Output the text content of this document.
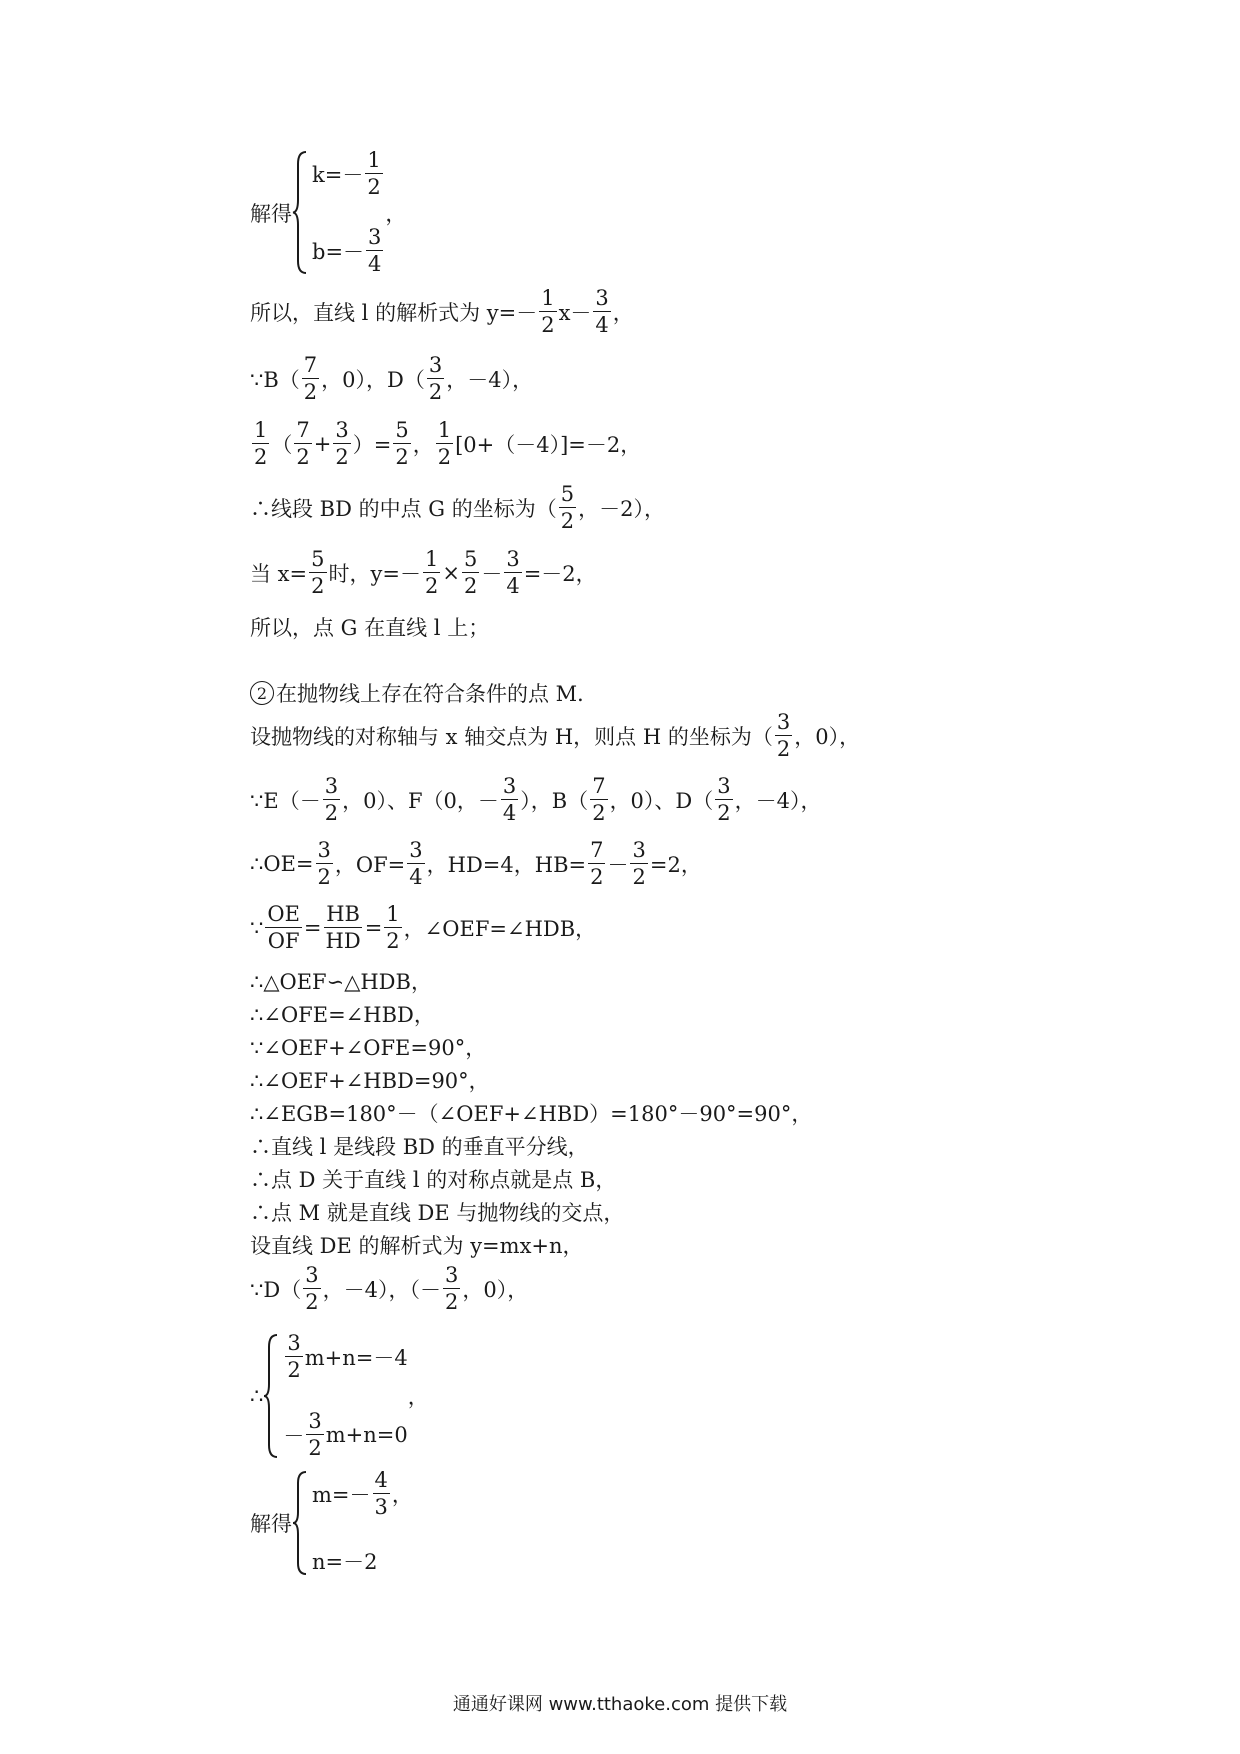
解得
$k=- \frac{1}{2}$
$b=- \frac{3}{4}$
，
所以，直线 l 的解析式为 $y=- \frac{1}{2} x- \frac{3}{4}$ ，
∵B（ $\frac{7}{2}$ ，0），$D( \frac{3}{2}$ ，－4），
$\frac{1}{2}$ （ $\frac{7}{2} + \frac{3}{2}$ ）= $\frac{5}{2}$ ， $\frac{1}{2} [0+(-4)]=-2$，
∴线段 BD 的中点 G 的坐标为（ $\frac{5}{2}$ ，－2），
当 $x= \frac{5}{2}$ 时，$y=- \frac{1}{2} \times \frac{5}{2} - \frac{3}{4} =-2$，
所以，点 G 在直线 l 上；
2 在抛物线上存在符合条件的点 M．
设抛物线的对称轴与 x 轴交点为 H，则点 H 的坐标为（ $\frac{3}{2}$ ，0），
∵E（－ $\frac{3}{2}$ ，0）、F（0，－ $\frac{3}{4}$ ），$B( \frac{7}{2}$ ，0）、$D( \frac{3}{2}$ ，－4），
∴OE= $\frac{3}{2}$ ，$OF= \frac{3}{4}$ ，HD=4，$HB= \frac{7}{2} - \frac{3}{2} =2$，
∵ $\frac{OE}{OF} = \frac{HB}{HD} = \frac{1}{2}$ ，∠OEF=∠HDB，
∴△OEF∽△HDB，
∴∠OFE=∠HBD，
∵∠OEF+∠OFE=90°，
∴∠OEF+∠HBD=90°，
∴∠EGB=180°－（∠OEF+∠HBD）=180°－90°=90°，
∴直线 l 是线段 BD 的垂直平分线，
∴点 D 关于直线 l 的对称点就是点 B，
∴点 M 就是直线 DE 与抛物线的交点，
设直线 DE 的解析式为 y=mx+n，
∵D（ $\frac{3}{2}$ ，－4），（－ $\frac{3}{2}$ ，0），
∴
$\frac{3}{2} m+n=-4$
－ $\frac{3}{2} m+n=0$
，
解得
$m=- \frac{4}{3}$ ，
n=－2
通通好课网 www.tthaoke.com 提供下载
